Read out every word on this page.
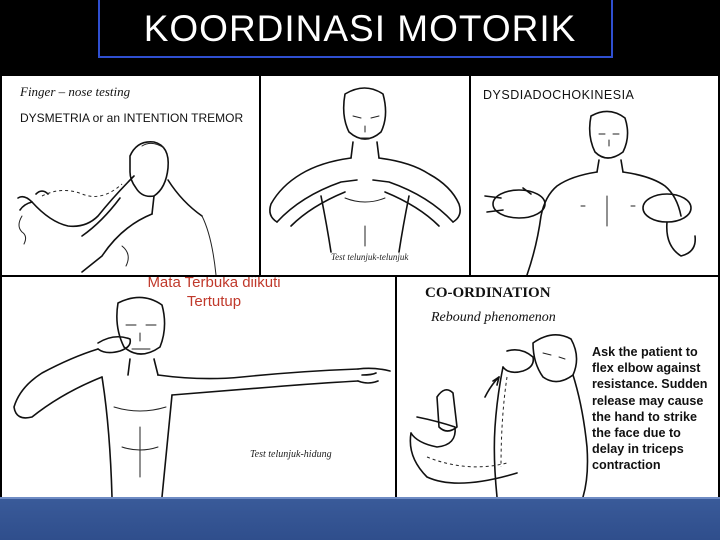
KOORDINASI MOTORIK
Finger – nose testing
DYSMETRIA or an INTENTION TREMOR
Test telunjuk-telunjuk
DYSDIADOCHOKINESIA
Test telunjuk-hidung
Mata Terbuka diikuti
Tertutup	CO-ORDINATION
Rebound phenomenon
Ask the patient to
flex elbow against
resistance. Sudden
release may cause
the hand to strike
the face due to
delay in triceps
contraction
